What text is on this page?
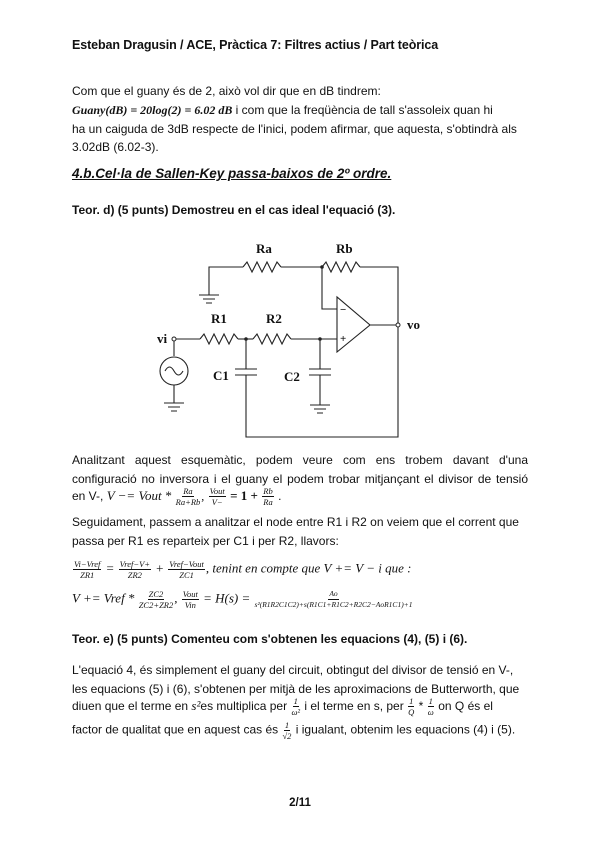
Esteban Dragusin / ACE, Pràctica 7: Filtres actius / Part teòrica
Com que el guany és de 2, això vol dir que en dB tindrem:
Guany(dB) = 20log(2) = 6.02 dB i com que la freqüència de tall s'assoleix quan hi
ha un caiguda de 3dB respecte de l'inici, podem afirmar, que aquesta, s'obtindrà als
3.02dB (6.02-3).
4.b.Cel·la de Sallen-Key passa-baixos de 2º ordre.
Teor. d) (5 punts) Demostreu en el cas ideal l'equació (3).
Ra	Rb
R1	R2
C1	C2
vi
vo
−
+
Analitzant aquest esquemàtic, podem veure com ens trobem davant d'una
configuració no inversora i el guany el podem trobar mitjançant el divisor de tensió
en V-, V −= Vout * $\frac{Ra}{Ra+Rb}$ , $\frac{\text{Vout}}{V-} = 1 + \frac{Rb}{Ra}$ .
Seguidament, passem a analitzar el node entre R1 i R2 on veiem que el corrent que
passa per R1 es reparteix per C1 i per R2, llavors:
$\frac{\text{Vi−Vref}}{ZR1} = \frac{\text{Vref−V+}}{ZR2} + \frac{\text{Vref−Vout}}{ZC1}$ , tenint en compte que V += V − i que :
V += Vref * $\frac{ZC2}{ZC2+ZR2}$ , $\frac{\text{Vout}}{\text{Vin}} = H(s) = \frac{Ao}{\text{s²(R1R2C1C2)+s(R1C1+R1C2+R2C2−AoR1C1)+1}}$
Teor. e) (5 punts) Comenteu com s'obtenen les equacions (4), (5) i (6).
L'equació 4, és simplement el guany del circuit, obtingut del divisor de tensió en V-,
les equacions (5) i (6), s'obtenen per mitjà de les aproximacions de Butterworth, que
diuen que el terme en s²es multiplica per $\frac{1}{\text{ω²}}$ i el terme en s, per $\frac{1}{Q} * \frac{1}{\omega}$ on Q és el
factor de qualitat que en aquest cas és $\frac{1}{√2}$ i igualant, obtenim les equacions (4) i (5).
2/11
